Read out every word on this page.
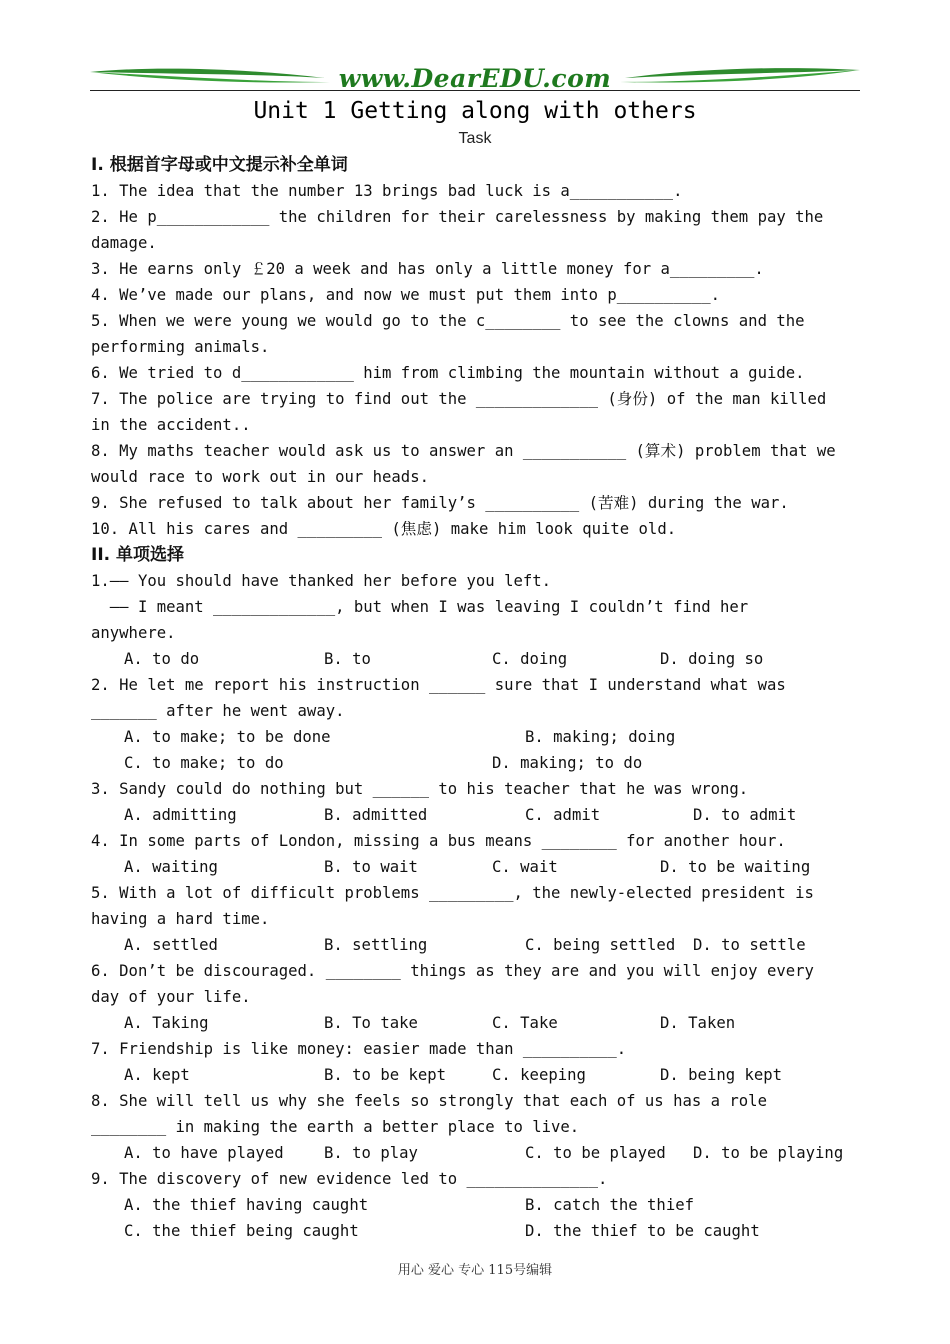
www.DearEDU.com
Unit 1 Getting along with others
Task
I. 根据首字母或中文提示补全单词
1. The idea that the number 13 brings bad luck is a___________.
2. He p____________ the children for their carelessness by making them pay the
damage.
3. He earns only ￡20 a week and has only a little money for a_________.
4. We’ve made our plans, and now we must put them into p__________.
5. When we were young we would go to the c________ to see the clowns and the
performing animals.
6. We tried to d____________ him from climbing the mountain without a guide.
7. The police are trying to find out the _____________ (身份) of the man killed
in the accident..
8. My maths teacher would ask us to answer an ___________ (算术) problem that we
would race to work out in our heads.
9. She refused to talk about her family’s __________ (苦难) during the war.
10. All his cares and _________ (焦虑) make him look quite old.
II. 单项选择
1.—— You should have thanked her before you left.
—— I meant _____________, but when I was leaving I couldn’t find her
anywhere.
A. to do	B. to	C. doing	D. doing so
2. He let me report his instruction ______ sure that I understand what was
_______ after he went away.
A. to make; to be done	B. making; doing
C. to make; to do	D. making; to do
3. Sandy could do nothing but ______ to his teacher that he was wrong.
A. admitting	B. admitted	C. admit	D. to admit
4. In some parts of London, missing a bus means ________ for another hour.
A. waiting	B. to wait	C. wait	D. to be waiting
5. With a lot of difficult problems _________, the newly-elected president is
having a hard time.
A. settled	B. settling	C. being settled D. to settle
6. Don’t be discouraged. ________ things as they are and you will enjoy every
day of your life.
A. Taking	B. To take	C. Take	D. Taken
7. Friendship is like money: easier made than __________.
A. kept	B. to be kept	C. keeping	D. being kept
8. She will tell us why she feels so strongly that each of us has a role
________ in making the earth a better place to live.
A. to have played	B. to play	C. to be played D. to be playing
9. The discovery of new evidence led to ______________.
A. the thief having caught	B. catch the thief
C. the thief being caught	D. the thief to be caught
用心 爱心 专心 115号编辑
